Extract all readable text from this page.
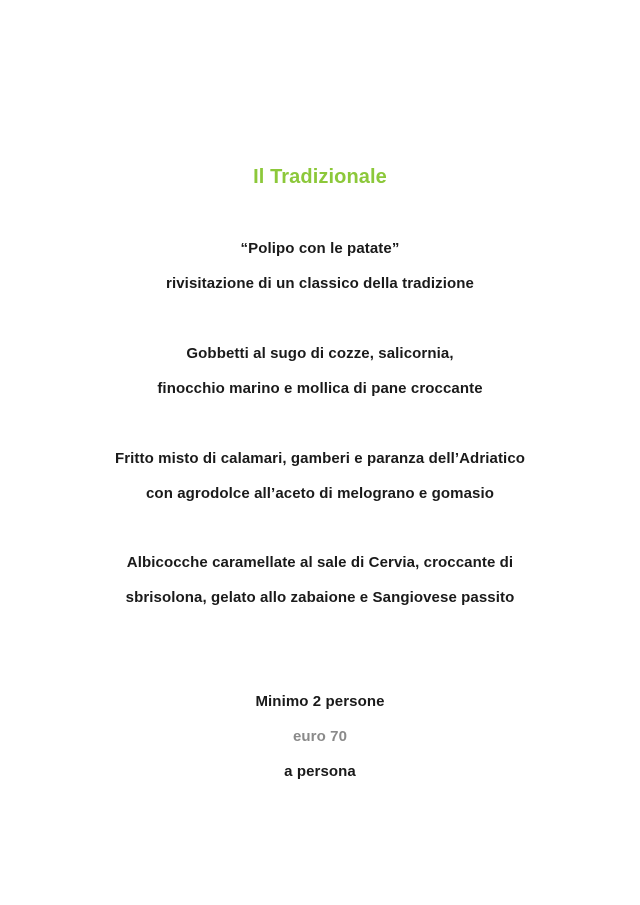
Il Tradizionale
“Polipo con le patate”
rivisitazione di un classico della tradizione
Gobbetti al sugo di cozze, salicornia,
finocchio marino e mollica di pane croccante
Fritto misto di calamari, gamberi e paranza dell’Adriatico
con agrodolce all’aceto di melograno e gomasio
Albicocche caramellate al sale di Cervia, croccante di
sbrisolona, gelato allo zabaione e Sangiovese passito
Minimo 2 persone
euro 70
a persona
